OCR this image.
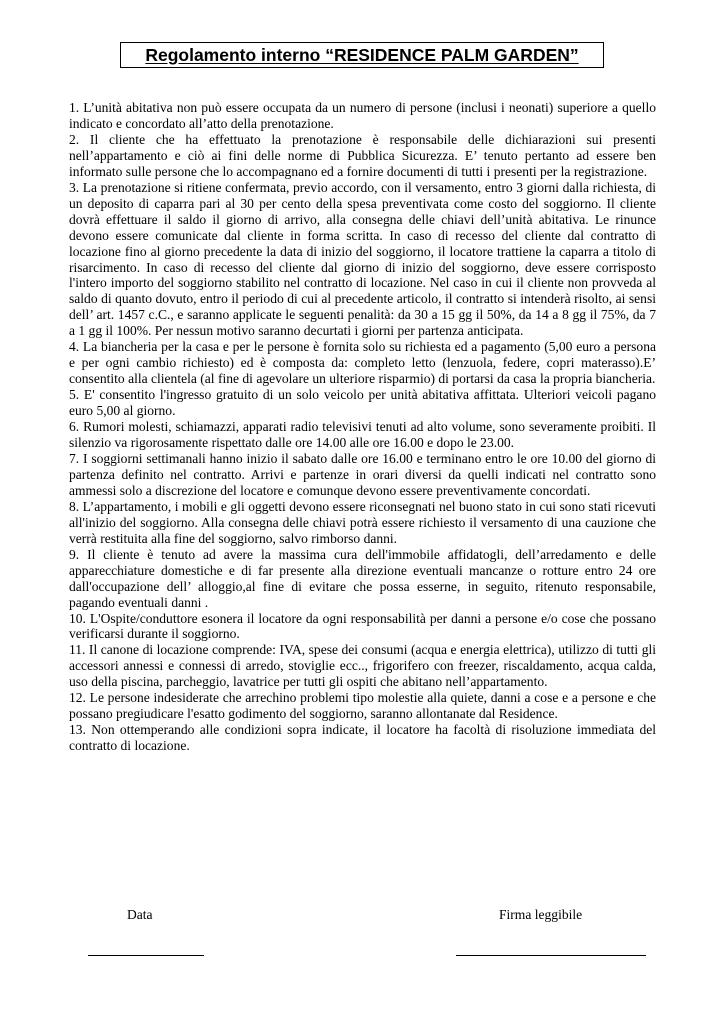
Regolamento interno “RESIDENCE PALM GARDEN”

1. L’unità abitativa non può essere occupata da un numero di persone (inclusi i neonati) superiore a quello indicato e concordato all’atto della prenotazione.

2. Il cliente che ha effettuato la prenotazione è responsabile delle dichiarazioni sui presenti nell’appartamento e ciò ai fini delle norme di Pubblica Sicurezza. E’ tenuto pertanto ad essere ben informato sulle persone che lo accompagnano ed a fornire documenti di tutti i presenti per la registrazione.

3. La prenotazione si ritiene confermata, previo accordo, con il versamento, entro 3 giorni dalla richiesta, di un deposito di caparra pari al 30 per cento della spesa preventivata come costo del soggiorno. Il cliente dovrà effettuare il saldo il giorno di arrivo, alla consegna delle chiavi dell’unità abitativa. Le rinunce devono essere comunicate dal cliente in forma scritta. In caso di recesso del cliente dal contratto di locazione fino al giorno precedente la data di inizio del soggiorno, il locatore trattiene la caparra a titolo di risarcimento. In caso di recesso del cliente dal giorno di inizio del soggiorno, deve essere corrisposto l'intero importo del soggiorno stabilito nel contratto di locazione. Nel caso in cui il cliente non provveda al saldo di quanto dovuto, entro il periodo di cui al precedente articolo, il contratto si intenderà risolto, ai sensi dell’ art. 1457 c.C., e saranno applicate le seguenti penalità: da 30 a 15 gg il 50%, da 14 a 8 gg il 75%, da 7 a 1 gg il 100%. Per nessun motivo saranno decurtati i giorni per partenza anticipata.

4. La biancheria per la casa e per le persone è fornita solo su richiesta ed a pagamento (5,00 euro a persona e per ogni cambio richiesto) ed è composta da: completo letto (lenzuola, federe, copri materasso).E’ consentito alla clientela (al fine di agevolare un ulteriore risparmio) di portarsi da casa la propria biancheria.

5. E' consentito l'ingresso gratuito di un solo veicolo per unità abitativa affittata. Ulteriori veicoli pagano euro 5,00 al giorno.

6. Rumori molesti, schiamazzi, apparati radio televisivi tenuti ad alto volume, sono severamente proibiti. Il silenzio va rigorosamente rispettato dalle ore 14.00 alle ore 16.00 e dopo le 23.00.

7. I soggiorni settimanali hanno inizio il sabato dalle ore 16.00 e terminano entro le ore 10.00 del giorno di partenza definito nel contratto. Arrivi e partenze in orari diversi da quelli indicati nel contratto sono ammessi solo a discrezione del locatore e comunque devono essere preventivamente concordati.

8. L’appartamento, i mobili e gli oggetti devono essere riconsegnati nel buono stato in cui sono stati ricevuti all'inizio del soggiorno. Alla consegna delle chiavi potrà essere richiesto il versamento di una cauzione che verrà restituita alla fine del soggiorno, salvo rimborso danni.

9. Il cliente è tenuto ad avere la massima cura dell'immobile affidatogli, dell’arredamento e delle apparecchiature domestiche e di far presente alla direzione eventuali mancanze o rotture entro 24 ore dall'occupazione dell’ alloggio,al fine di evitare che possa esserne, in seguito, ritenuto responsabile, pagando eventuali danni .

10. L'Ospite/conduttore esonera il locatore da ogni responsabilità per danni a persone e/o cose che possano verificarsi durante il soggiorno.

11. Il canone di locazione comprende: IVA, spese dei consumi (acqua e energia elettrica), utilizzo di tutti gli accessori annessi e connessi di arredo, stoviglie ecc.., frigorifero con freezer, riscaldamento, acqua calda, uso della piscina, parcheggio, lavatrice per tutti gli ospiti che abitano nell’appartamento.

12. Le persone indesiderate che arrechino problemi tipo molestie alla quiete, danni a cose e a persone e che possano pregiudicare l'esatto godimento del soggiorno, saranno allontanate dal Residence.

13. Non ottemperando alle condizioni sopra indicate, il locatore ha facoltà di risoluzione immediata del contratto di locazione.

Data	Firma leggibile
